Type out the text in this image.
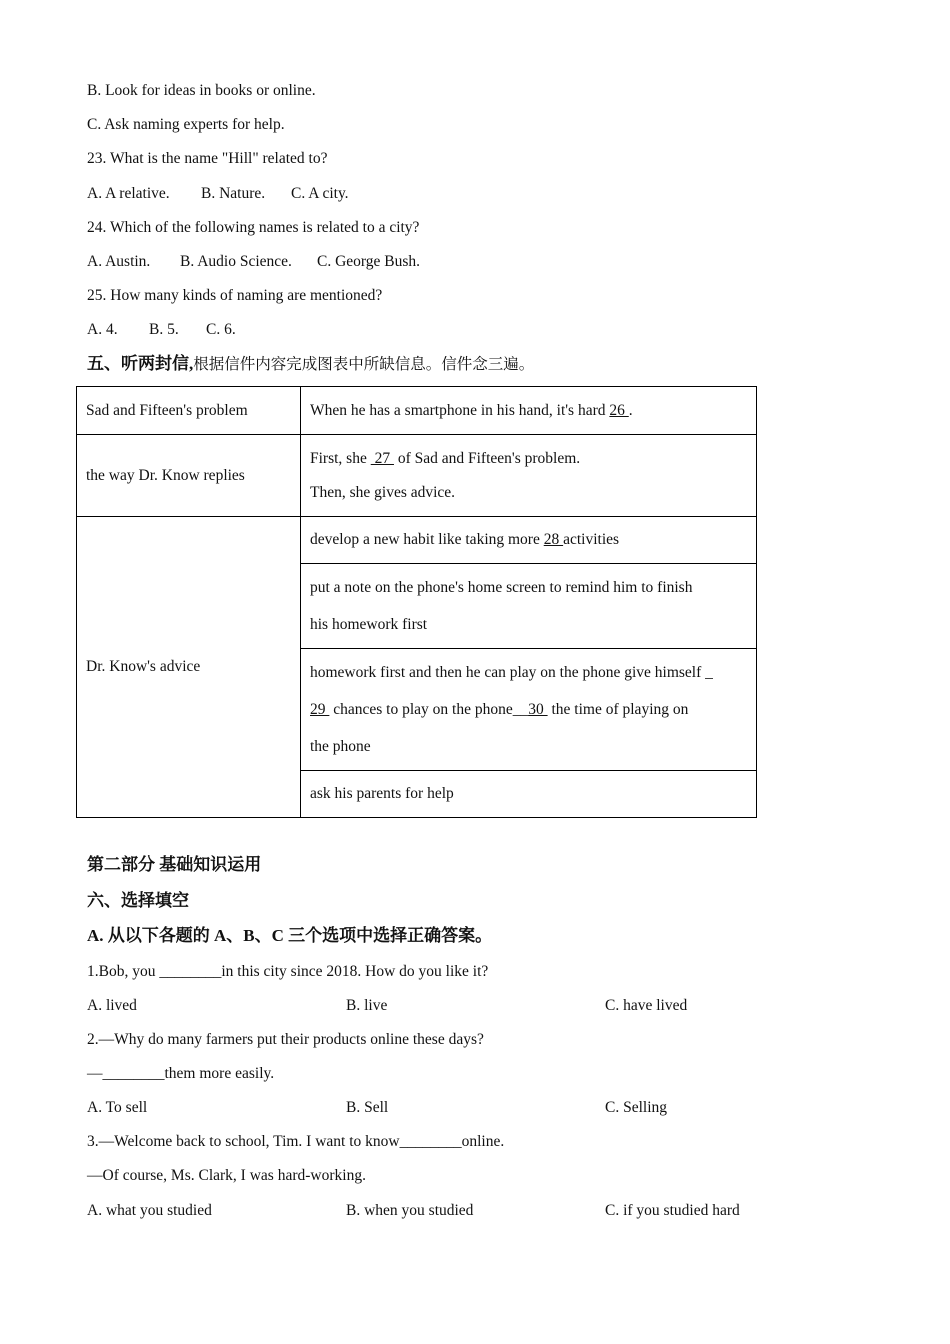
B. Look for ideas in books or online.
C. Ask naming experts for help.
23. What is the name "Hill" related to?
A. A relative. B. Nature. C. A city.
24. Which of the following names is related to a city?
A. Austin. B. Audio Science. C. George Bush.
25. How many kinds of naming are mentioned?
A. 4. B. 5. C. 6.
五、听两封信,根据信件内容完成图表中所缺信息。信件念三遍。
Sad and Fifteen's problem	When he has a smartphone in his hand, it's hard 26 .
the way Dr. Know replies	First, she  27  of Sad and Fifteen's problem.
Then, she gives advice.

Dr. Know's advice	develop a new habit like taking more 28 activities

	put a note on the phone's home screen to remind him to finish
his homework first

	homework first and then he can play on the phone give himself _
29  chances to play on the phone__30  the time of playing on
the phone

	ask his parents for help
第二部分 基础知识运用
六、选择填空
A. 从以下各题的 A、B、C 三个选项中选择正确答案。
1.Bob, you ________in this city since 2018. How do you like it?
A. lived	B. live	C. have lived
2.—Why do many farmers put their products online these days?
—________them more easily.
A. To sell	B. Sell	C. Selling
3.—Welcome back to school, Tim. I want to know________online.
—Of course, Ms. Clark, I was hard-working.
A. what you studied	B. when you studied	C. if you studied hard
